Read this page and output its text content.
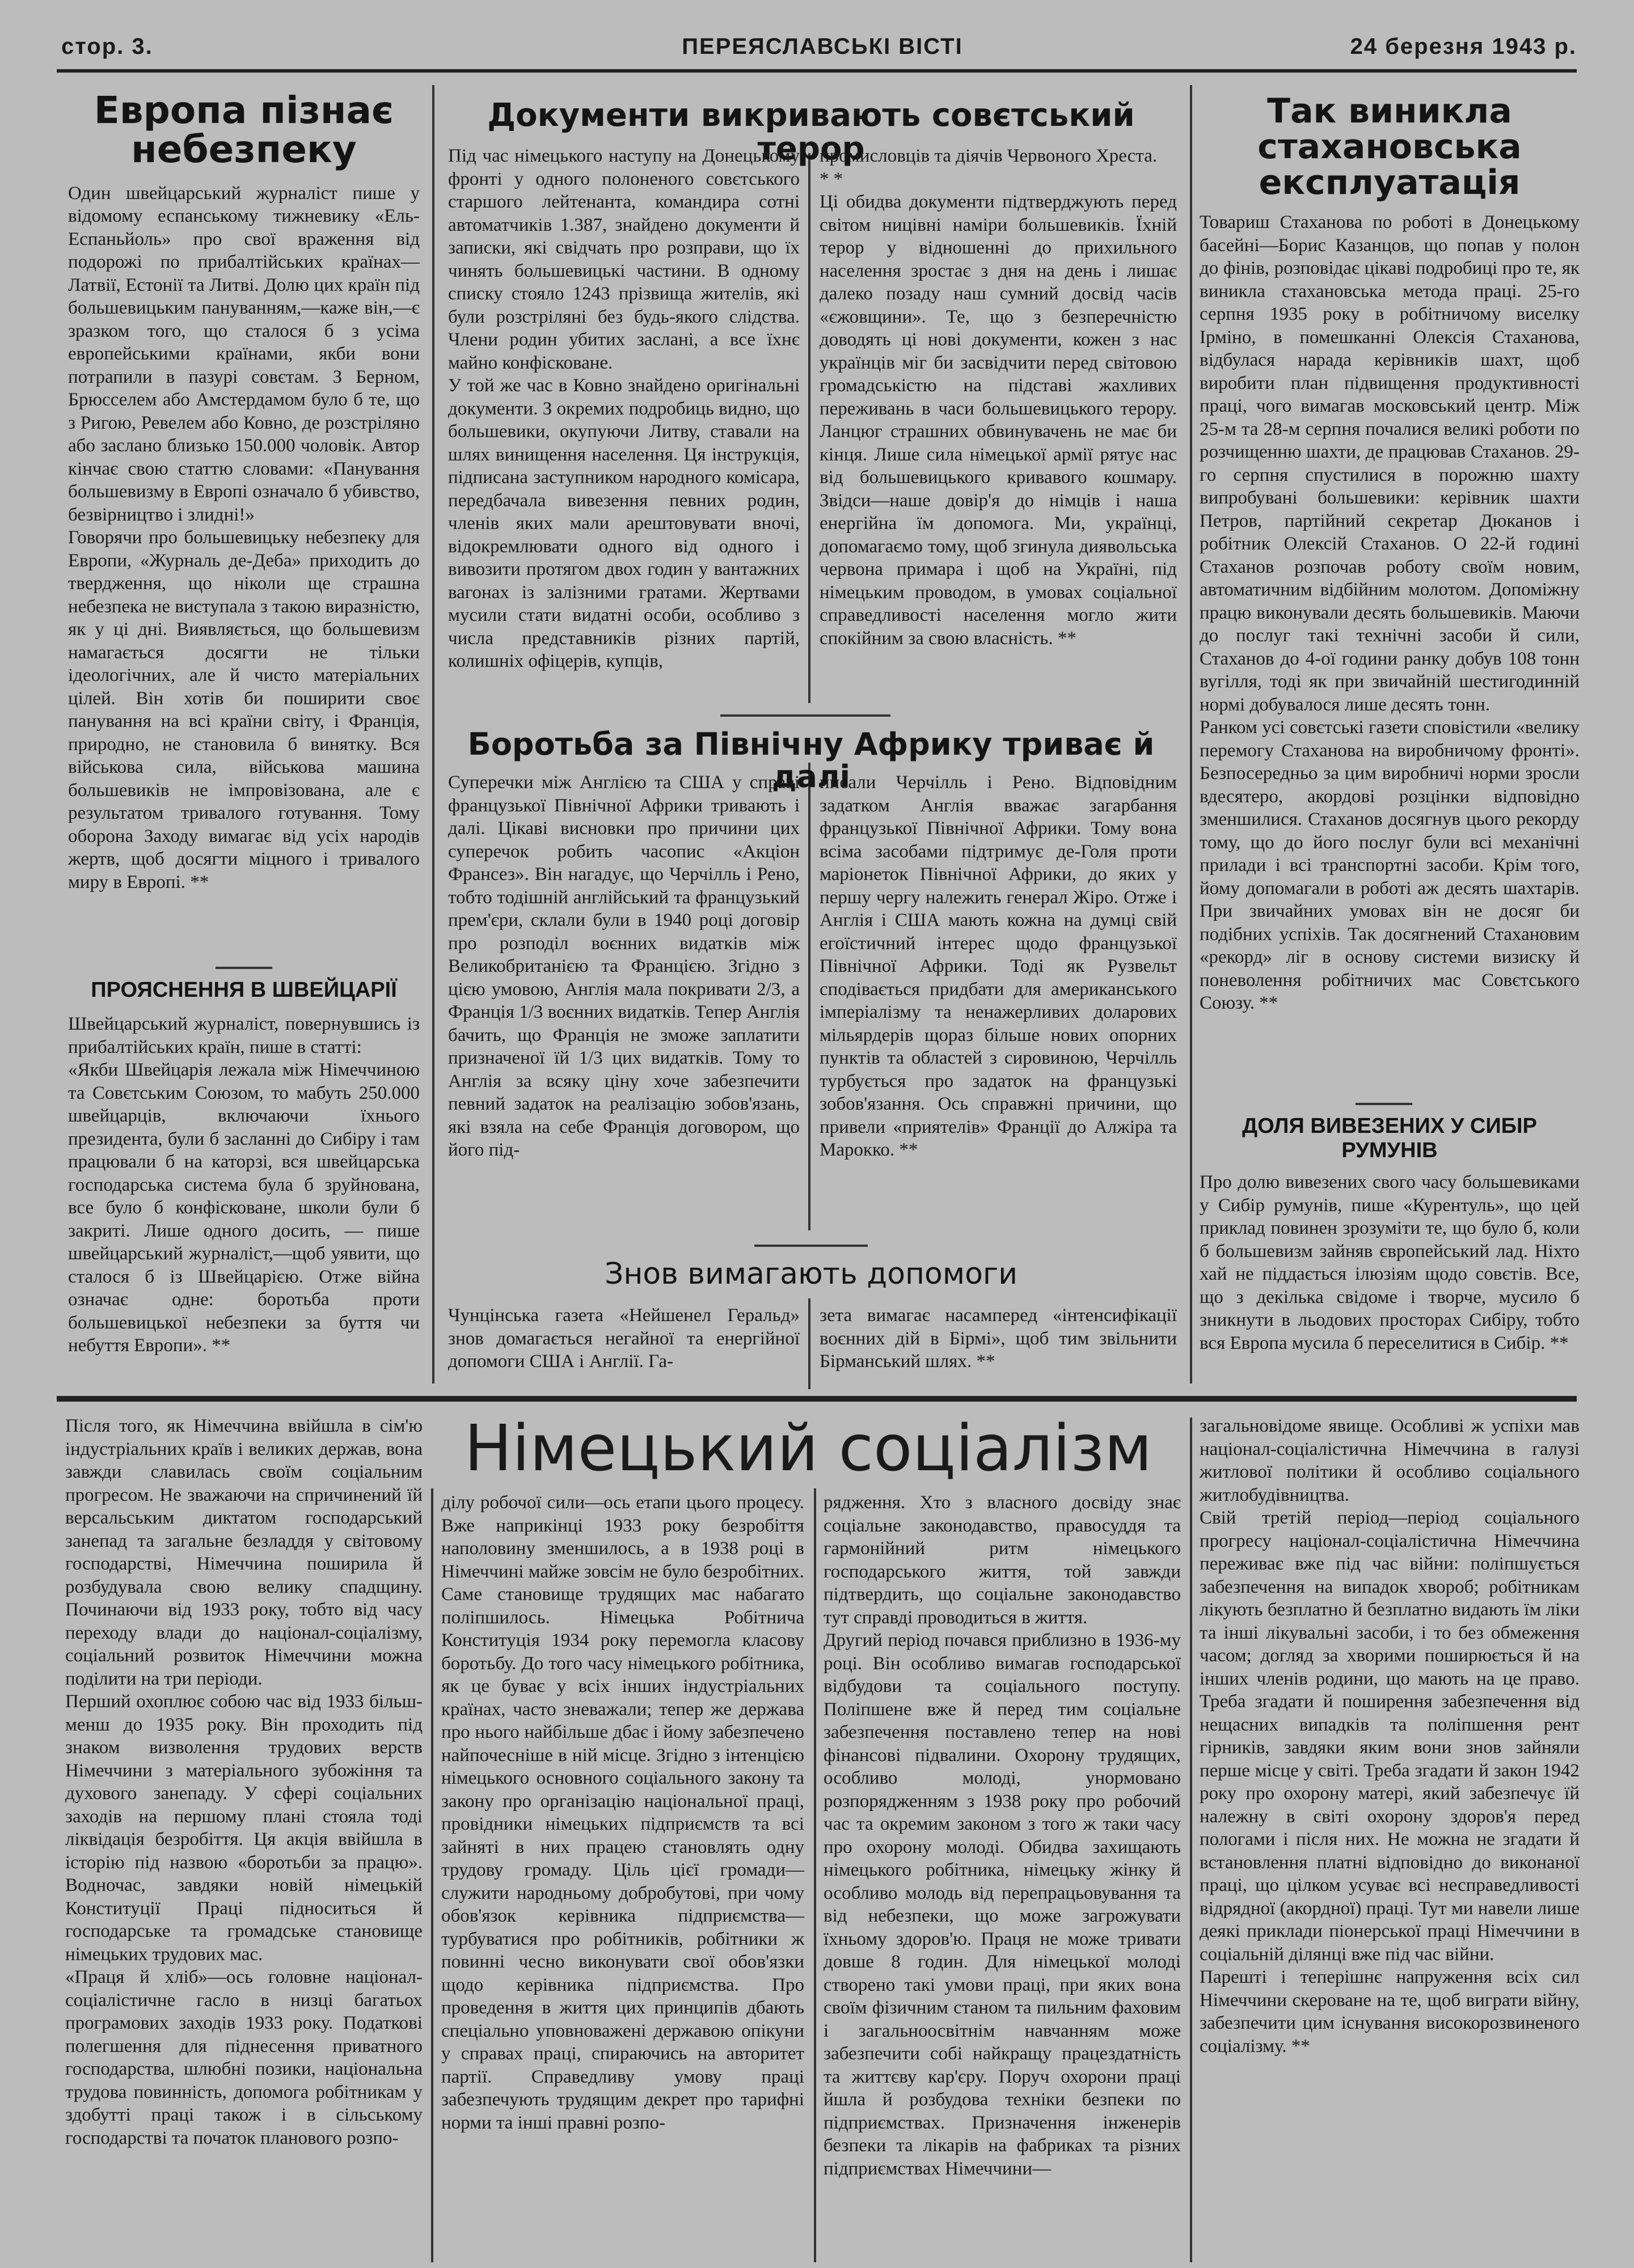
стор. 3.	ПЕРЕЯСЛАВСЬКІ ВІСТІ	24 березня 1943 р.
Европа пізнає небезпеку
Один швейцарський журналіст пише у відомому еспанському тижневику «Ель-Еспаньйоль» про свої враження від подорожі по прибалтійських країнах—Латвії, Естонії та Литві. Долю цих країн під большевицьким пануванням,—каже він,—є зразком того, що сталося б з усіма европейськими країнами, якби вони потрапили в пазурі совєтам. З Берном, Брюсселем або Амстердамом було б те, що з Ригою, Ревелем або Ковно, де розстріляно або заслано близько 150.000 чоловік. Автор кінчає свою статтю словами: «Панування большевизму в Европі означало б убивство, безвірництво і злидні!»
Говорячи про большевицьку небезпеку для Европи, «Журналь де-Деба» приходить до твердження, що ніколи ще страшна небезпека не виступала з такою виразністю, як у ці дні. Виявляється, що большевизм намагається досягти не тільки ідеологічних, але й чисто матеріальних цілей. Він хотів би поширити своє панування на всі країни світу, і Франція, природно, не становила б винятку. Вся військова сила, військова машина большевиків не імпровізована, але є результатом тривалого готування. Тому оборона Заходу вимагає від усіх народів жертв, щоб досягти міцного і тривалого миру в Европі. **
ПРОЯСНЕННЯ В ШВЕЙЦАРІЇ
Швейцарський журналіст, повернувшись із прибалтійських країн, пише в статті:
«Якби Швейцарія лежала між Німеччиною та Совєтським Союзом, то мабуть 250.000 швейцарців, включаючи їхнього президента, були б засланні до Сибіру і там працювали б на каторзі, вся швейцарська господарська система була б зруйнована, все було б конфісковане, школи були б закриті. Лише одного досить, — пише швейцарський журналіст,—щоб уявити, що сталося б із Швейцарією. Отже війна означає одне: боротьба проти большевицької небезпеки за буття чи небуття Европи». **
Документи викривають совєтський терор
Під час німецького наступу на Донецькому фронті у одного полоненого совєтського старшого лейтенанта, командира сотні автоматчиків 1.387, знайдено документи й записки, які свідчать про розправи, що їх чинять большевицькі частини. В одному списку стояло 1243 прізвища жителів, які були розстріляні без будь-якого слідства. Члени родин убитих заслані, а все їхнє майно конфісковане.
У той же час в Ковно знайдено оригінальні документи. З окремих подробиць видно, що большевики, окупуючи Литву, ставали на шлях винищення населення. Ця інструкція, підписана заступником народного комісара, передбачала вивезення певних родин, членів яких мали арештовувати вночі, відокремлювати одного від одного і вивозити протягом двох годин у вантажних вагонах із залізними гратами. Жертвами мусили стати видатні особи, особливо з числа представників різних партій, колишніх офіцерів, купців,
промисловців та діячів Червоного Хреста.
* *
Ці обидва документи підтверджують перед світом ницівні наміри большевиків. Їхній терор у відношенні до прихильного населення зростає з дня на день і лишає далеко позаду наш сумний досвід часів «єжовщини». Те, що з безперечністю доводять ці нові документи, кожен з нас українців міг би засвідчити перед світовою громадськістю на підставі жахливих переживань в часи большевицького терору. Ланцюг страшних обвинувачень не має би кінця. Лише сила німецької армії рятує нас від большевицького кривавого кошмару. Звідси—наше довір'я до німців і наша енергійна їм допомога. Ми, українці, допомагаємо тому, щоб згинула диявольська червона примара і щоб на Україні, під німецьким проводом, в умовах соціальної справедливості населення могло жити спокійним за свою власність. **
Боротьба за Північну Африку триває й далі
Суперечки між Англією та США у справі французької Північної Африки тривають і далі. Цікаві висновки про причини цих суперечок робить часопис «Акціон Франсез». Він нагадує, що Черчілль і Рено, тобто тодішній англійський та французький прем'єри, склали були в 1940 році договір про розподіл воєнних видатків між Великобританією та Францією. Згідно з цією умовою, Англія мала покривати 2/3, а Франція 1/3 воєнних видатків. Тепер Англія бачить, що Франція не зможе заплатити призначеної їй 1/3 цих видатків. Тому то Англія за всяку ціну хоче забезпечити певний задаток на реалізацію зобов'язань, які взяла на себе Франція договором, що його під-
писали Черчілль і Рено. Відповідним задатком Англія вважає загарбання французької Північної Африки. Тому вона всіма засобами підтримує де-Голя проти маріонеток Північної Африки, до яких у першу чергу належить генерал Жіро. Отже і Англія і США мають кожна на думці свій егоїстичний інтерес щодо французької Північної Африки. Тоді як Рузвельт сподівається придбати для американського імперіалізму та ненажерливих доларових мільярдерів щораз більше нових опорних пунктів та областей з сировиною, Черчілль турбується про задаток на французькі зобов'язання. Ось справжні причини, що привели «приятелів» Франції до Алжіра та Марокко. **
Знов вимагають допомоги
Чунцінська газета «Нейшенел Геральд» знов домагається негайної та енергійної допомоги США і Англії. Га-
зета вимагає насамперед «інтенсифікації воєнних дій в Бірмі», щоб тим звільнити Бірманський шлях. **
Так виникла стахановська експлуатація
Товариш Стаханова по роботі в Донецькому басейні—Борис Казанцов, що попав у полон до фінів, розповідає цікаві подробиці про те, як виникла стахановська метода праці. 25-го серпня 1935 року в робітничому виселку Ірміно, в помешканні Олексія Стаханова, відбулася нарада керівників шахт, щоб виробити план підвищення продуктивності праці, чого вимагав московський центр. Між 25-м та 28-м серпня почалися великі роботи по розчищенню шахти, де працював Стаханов. 29-го серпня спустилися в порожню шахту випробувані большевики: керівник шахти Петров, партійний секретар Дюканов і робітник Олексій Стаханов. О 22-й годині Стаханов розпочав роботу своїм новим, автоматичним відбійним молотом. Допоміжну працю виконували десять большевиків. Маючи до послуг такі технічні засоби й сили, Стаханов до 4-ої години ранку добув 108 тонн вугілля, тоді як при звичайній шестигодинній нормі добувалося лише десять тонн.
Ранком усі совєтські газети сповістили «велику перемогу Стаханова на виробничому фронті». Безпосередньо за цим виробничі норми зросли вдесятеро, акордові розцінки відповідно зменшилися. Стаханов досягнув цього рекорду тому, що до його послуг були всі механічні прилади і всі транспортні засоби. Крім того, йому допомагали в роботі аж десять шахтарів. При звичайних умовах він не досяг би подібних успіхів. Так досягнений Стахановим «рекорд» ліг в основу системи визиску й поневолення робітничих мас Совєтського Союзу. **
ДОЛЯ ВИВЕЗЕНИХ У СИБІР РУМУНІВ
Про долю вивезених свого часу большевиками у Сибір румунів, пише «Курентуль», що цей приклад повинен зрозуміти те, що було б, коли б большевизм зайняв європейський лад. Ніхто хай не піддається ілюзіям щодо совєтів. Все, що з декілька свідоме і творче, мусило б зникнути в льодових просторах Сибіру, тобто вся Европа мусила б переселитися в Сибір. **
Німецький соціалізм
Після того, як Німеччина ввійшла в сім'ю індустріальних країв і великих держав, вона завжди славилась своїм соціальним прогресом. Не зважаючи на спричинений їй версальським диктатом господарський занепад та загальне безладдя у світовому господарстві, Німеччина поширила й розбудувала свою велику спадщину. Починаючи від 1933 року, тобто від часу переходу влади до націонал-соціалізму, соціальний розвиток Німеччини можна поділити на три періоди.
Перший охоплює собою час від 1933 більш-менш до 1935 року. Він проходить під знаком визволення трудових верств Німеччини з матеріального зубожіння та духового занепаду. У сфері соціальних заходів на першому плані стояла тоді ліквідація безробіття. Ця акція ввійшла в історію під назвою «боротьби за працю». Водночас, завдяки новій німецькій Конституції Праці підноситься й господарське та громадське становище німецьких трудових мас.
«Праця й хліб»—ось головне націонал-соціалістичне гасло в низці багатьох програмових заходів 1933 року. Податкові полегшення для піднесення приватного господарства, шлюбні позики, національна трудова повинність, допомога робітникам у здобутті праці також і в сільському господарстві та початок планового розпо-
ділу робочої сили—ось етапи цього процесу. Вже наприкінці 1933 року безробіття наполовину зменшилось, а в 1938 році в Німеччині майже зовсім не було безробітних. Саме становище трудящих мас набагато поліпшилось. Німецька Робітнича Конституція 1934 року перемогла класову боротьбу. До того часу німецького робітника, як це буває у всіх інших індустріальних країнах, часто зневажали; тепер же держава про нього найбільше дбає і йому забезпечено найпочесніше в ній місце. Згідно з інтенцією німецького основного соціального закону та закону про організацію національної праці, провідники німецьких підприємств та всі зайняті в них працею становлять одну трудову громаду. Ціль цієї громади—служити народньому добробутові, при чому обов'язок керівника підприємства—турбуватися про робітників, робітники ж повинні чесно виконувати свої обов'язки щодо керівника підприємства. Про проведення в життя цих принципів дбають спеціально уповноважені державою опікуни у справах праці, спираючись на авторитет партії. Справедливу умову праці забезпечують трудящим декрет про тарифні норми та інші правні розпо-
рядження. Хто з власного досвіду знає соціальне законодавство, правосуддя та гармонійний ритм німецького господарського життя, той завжди підтвердить, що соціальне законодавство тут справді проводиться в життя.
Другий період почався приблизно в 1936-му році. Він особливо вимагав господарської відбудови та соціального поступу. Поліпшене вже й перед тим соціальне забезпечення поставлено тепер на нові фінансові підвалини. Охорону трудящих, особливо молоді, унормовано розпорядженням з 1938 року про робочий час та окремим законом з того ж таки часу про охорону молоді. Обидва захищають німецького робітника, німецьку жінку й особливо молодь від перепрацьовування та від небезпеки, що може загрожувати їхньому здоров'ю. Праця не може тривати довше 8 годин. Для німецької молоді створено такі умови праці, при яких вона своїм фізичним станом та пильним фаховим і загальноосвітнім навчанням може забезпечити собі найкращу працездатність та життєву кар'єру. Поруч охорони праці йшла й розбудова техніки безпеки по підприємствах. Призначення інженерів безпеки та лікарів на фабриках та різних підприємствах Німеччини—
загальновідоме явище. Особливі ж успіхи мав націонал-соціалістична Німеччина в галузі житлової політики й особливо соціального житлобудівництва.
Свій третій період—період соціального прогресу націонал-соціалістична Німеччина переживає вже під час війни: поліпшується забезпечення на випадок хвороб; робітникам лікують безплатно й безплатно видають їм ліки та інші лікувальні засоби, і то без обмеження часом; догляд за хворими поширюється й на інших членів родини, що мають на це право. Треба згадати й поширення забезпечення від нещасних випадків та поліпшення рент гірників, завдяки яким вони знов зайняли перше місце у світі. Треба згадати й закон 1942 року про охорону матері, який забезпечує їй належну в світі охорону здоров'я перед пологами і після них. Не можна не згадати й встановлення платні відповідно до виконаної праці, що цілком усуває всі несправедливості відрядної (акордної) праці. Тут ми навели лише деякі приклади піонерської праці Німеччини в соціальній ділянці вже під час війни.
Парешті і теперішнє напруження всіх сил Німеччини скероване на те, щоб виграти війну, забезпечити цим існування високорозвиненого соціалізму. **
